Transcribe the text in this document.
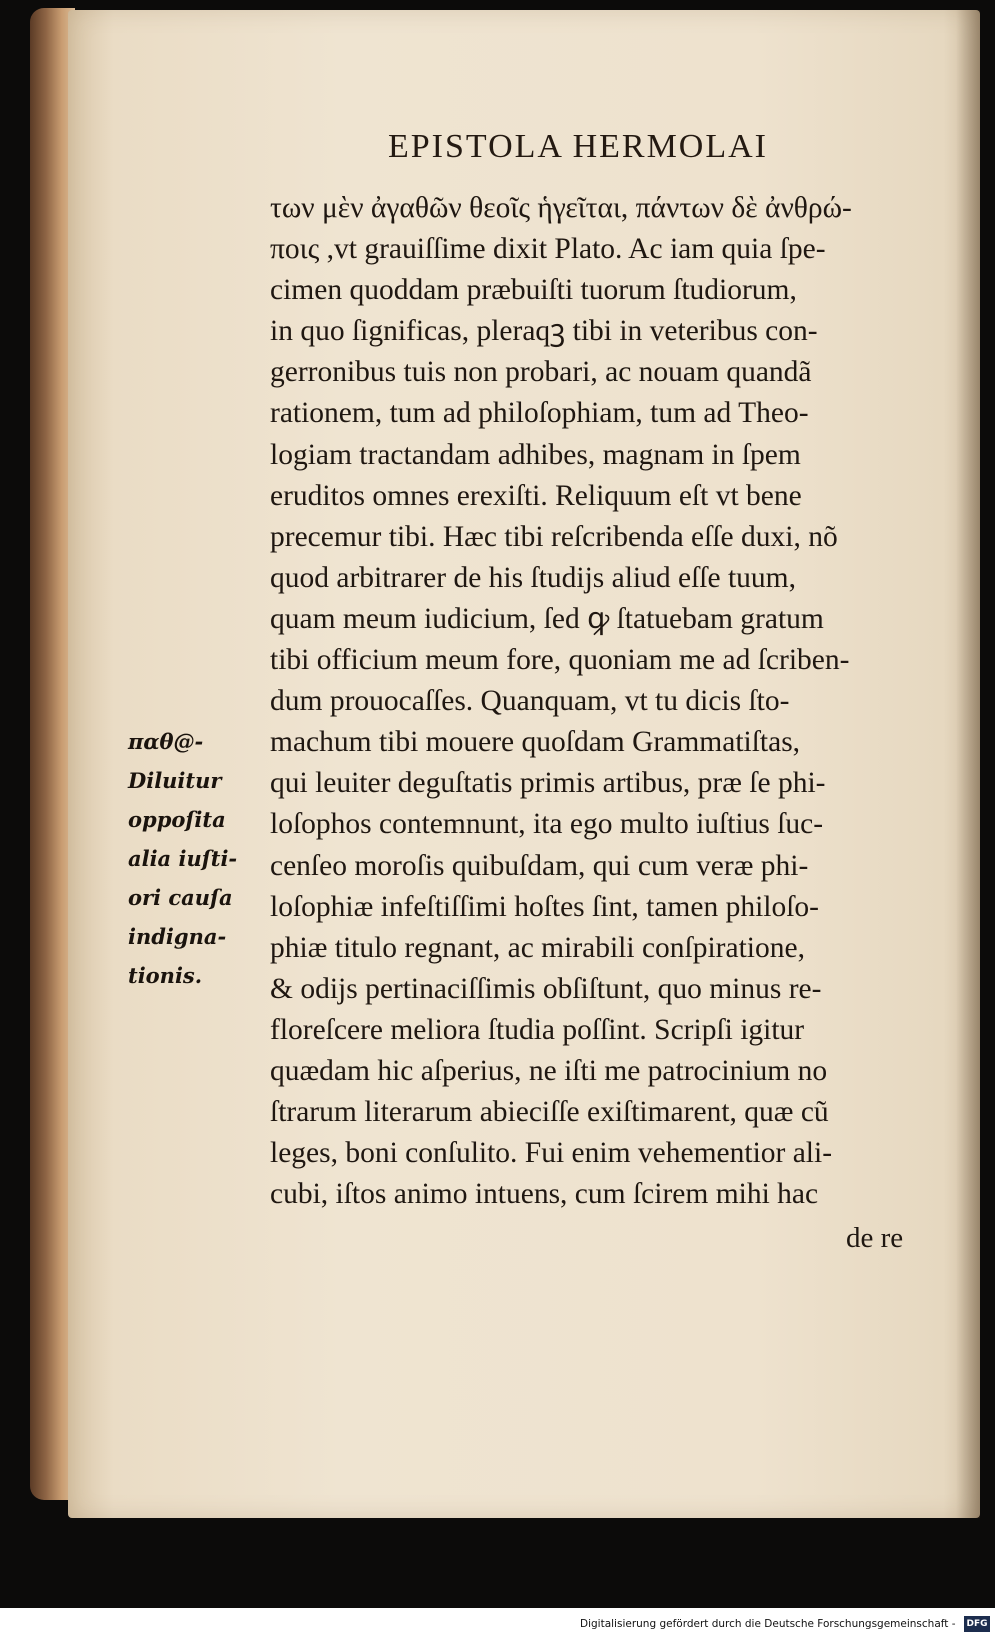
EPISTOLA HERMOLAI
των μὲν ἀγαθῶν θεοῖς ἡγεῖται, πάντων δὲ ἀνθρώ-
ποις ,vt grauiſſime dixit Plato. Ac iam quia ſpe-
cimen quoddam præbuiſti tuorum ſtudiorum,
in quo ſignificas, pleraqꝫ tibi in veteribus con-
gerronibus tuis non probari, ac nouam quandã
rationem, tum ad philoſophiam, tum ad Theo-
logiam tractandam adhibes, magnam in ſpem
eruditos omnes erexiſti. Reliquum eſt vt bene
precemur tibi. Hæc tibi reſcribenda eſſe duxi, nõ
quod arbitrarer de his ſtudijs aliud eſſe tuum,
quam meum iudicium, ſed ꝙ ſtatuebam gratum
tibi officium meum fore, quoniam me ad ſcriben-
dum prouocaſſes. Quanquam, vt tu dicis ſto-
machum tibi mouere quoſdam Grammatiſtas,
qui leuiter deguſtatis primis artibus, præ ſe phi-
loſophos contemnunt, ita ego multo iuſtius ſuc-
cenſeo moroſis quibuſdam, qui cum veræ phi-
loſophiæ infeſtiſſimi hoſtes ſint, tamen philoſo-
phiæ titulo regnant, ac mirabili conſpiratione,
& odijs pertinaciſſimis obſiſtunt, quo minus re-
floreſcere meliora ſtudia poſſint. Scripſi igitur
quædam hic aſperius, ne iſti me patrocinium no
ſtrarum literarum abieciſſe exiſtimarent, quæ cũ
leges, boni conſulito. Fui enim vehementior ali-
cubi, iſtos animo intuens, cum ſcirem mihi hac
de re
παθ@-
Diluitur
oppoſita
alia iuſti-
ori cauſa
indigna-
tionis.
Digitalisierung gefördert durch die Deutsche Forschungsgemeinschaft - DFG
